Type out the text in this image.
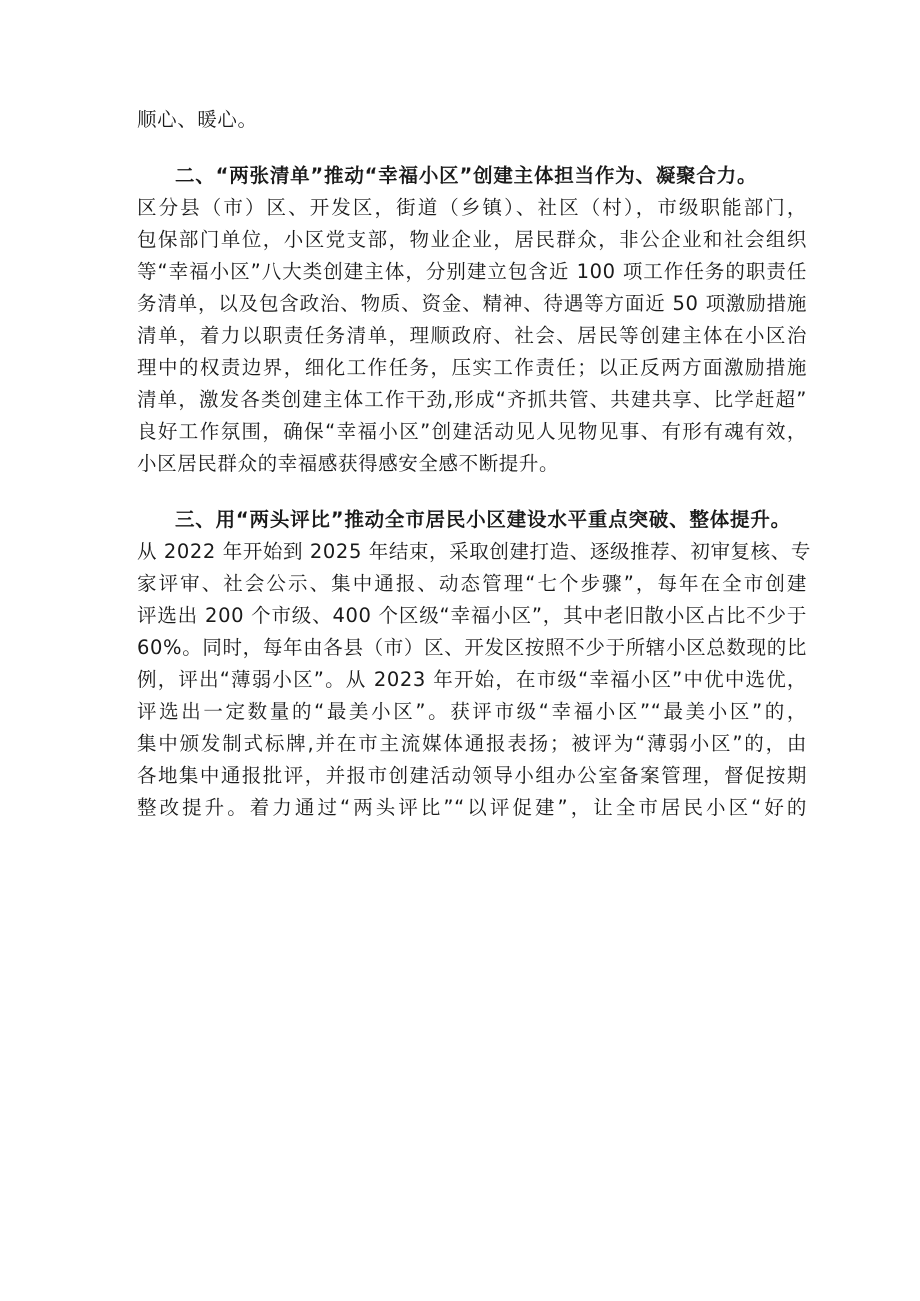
顺心、暖心。
二、“两张清单”推动“幸福小区”创建主体担当作为、凝聚合力。
区分县（市）区、开发区，街道（乡镇）、社区（村），市级职能部门，
包保部门单位，小区党支部，物业企业，居民群众，非公企业和社会组织
等“幸福小区”八大类创建主体，分别建立包含近 100 项工作任务的职责任
务清单，以及包含政治、物质、资金、精神、待遇等方面近 50 项激励措施
清单，着力以职责任务清单，理顺政府、社会、居民等创建主体在小区治
理中的权责边界，细化工作任务，压实工作责任；以正反两方面激励措施
清单，激发各类创建主体工作干劲,形成“齐抓共管、共建共享、比学赶超”
良好工作氛围，确保“幸福小区”创建活动见人见物见事、有形有魂有效，
小区居民群众的幸福感获得感安全感不断提升。
三、用“两头评比”推动全市居民小区建设水平重点突破、整体提升。
从 2022 年开始到 2025 年结束，采取创建打造、逐级推荐、初审复核、专
家评审、社会公示、集中通报、动态管理“七个步骤”，每年在全市创建
评选出 200 个市级、400 个区级“幸福小区”，其中老旧散小区占比不少于
60%。同时，每年由各县（市）区、开发区按照不少于所辖小区总数现的比
例，评出“薄弱小区”。从 2023 年开始，在市级“幸福小区”中优中选优，
评选出一定数量的“最美小区”。获评市级“幸福小区”“最美小区”的，
集中颁发制式标牌,并在市主流媒体通报表扬；被评为“薄弱小区”的，由
各地集中通报批评，并报市创建活动领导小组办公室备案管理，督促按期
整改提升。着力通过“两头评比”“以评促建”，让全市居民小区“好的
